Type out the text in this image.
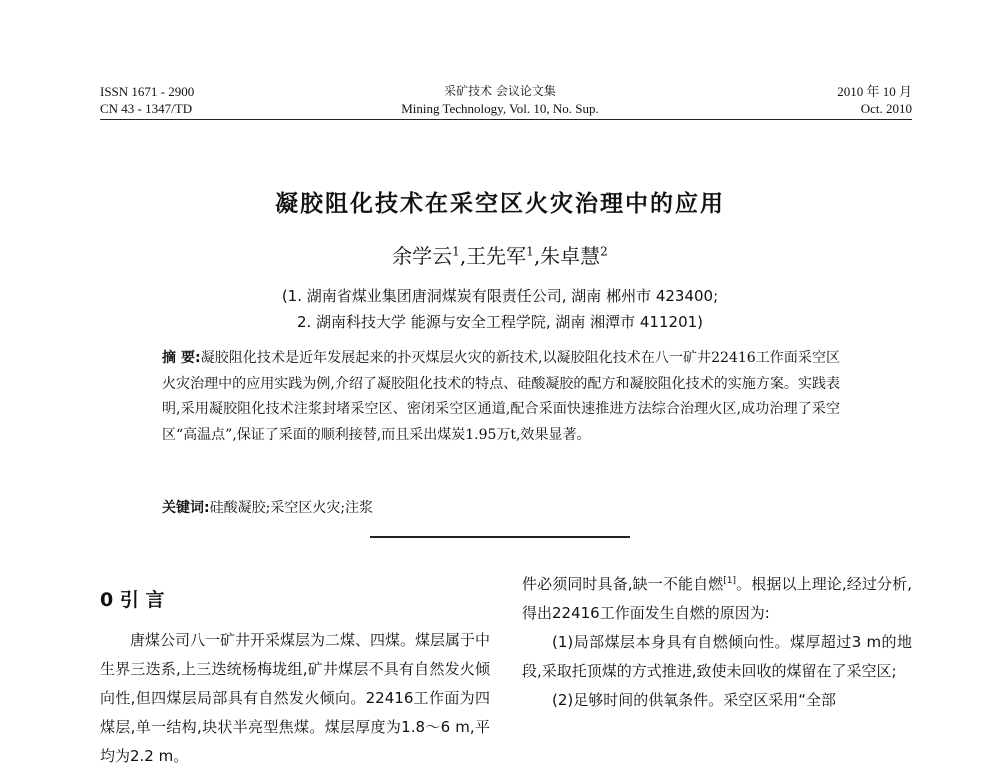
ISSN 1671 - 2900
CN 43 - 1347/TD
采矿技术 会议论文集
Mining Technology, Vol. 10, No. Sup.
2010 年 10 月
Oct. 2010
凝胶阻化技术在采空区火灾治理中的应用
余学云$^1$,王先军$^1$,朱卓慧$^2$
(1. 湖南省煤业集团唐洞煤炭有限责任公司, 湖南 郴州市 423400;
2. 湖南科技大学 能源与安全工程学院, 湖南 湘潭市 411201)
摘 要:凝胶阻化技术是近年发展起来的扑灭煤层火灾的新技术,以凝胶阻化技术在八一矿井22416工作面采空区火灾治理中的应用实践为例,介绍了凝胶阻化技术的特点、硅酸凝胶的配方和凝胶阻化技术的实施方案。实践表明,采用凝胶阻化技术注浆封堵采空区、密闭采空区通道,配合采面快速推进方法综合治理火区,成功治理了采空区“高温点”,保证了采面的顺利接替,而且采出煤炭1.95万t,效果显著。
关键词:硅酸凝胶;采空区火灾;注浆
0 引 言

唐煤公司八一矿井开采煤层为二煤、四煤。煤层属于中生界三迭系,上三迭统杨梅垅组,矿井煤层不具有自然发火倾向性,但四煤层局部具有自然发火倾向。22416工作面为四煤层,单一结构,块状半亮型焦煤。煤层厚度为1.8～6 m,平均为2.2 m。

件必须同时具备,缺一不能自燃[1]。根据以上理论,经过分析,得出22416工作面发生自燃的原因为:

(1)局部煤层本身具有自燃倾向性。煤厚超过3 m的地段,采取托顶煤的方式推进,致使未回收的煤留在了采空区;

(2)足够时间的供氧条件。采空区采用“全部
